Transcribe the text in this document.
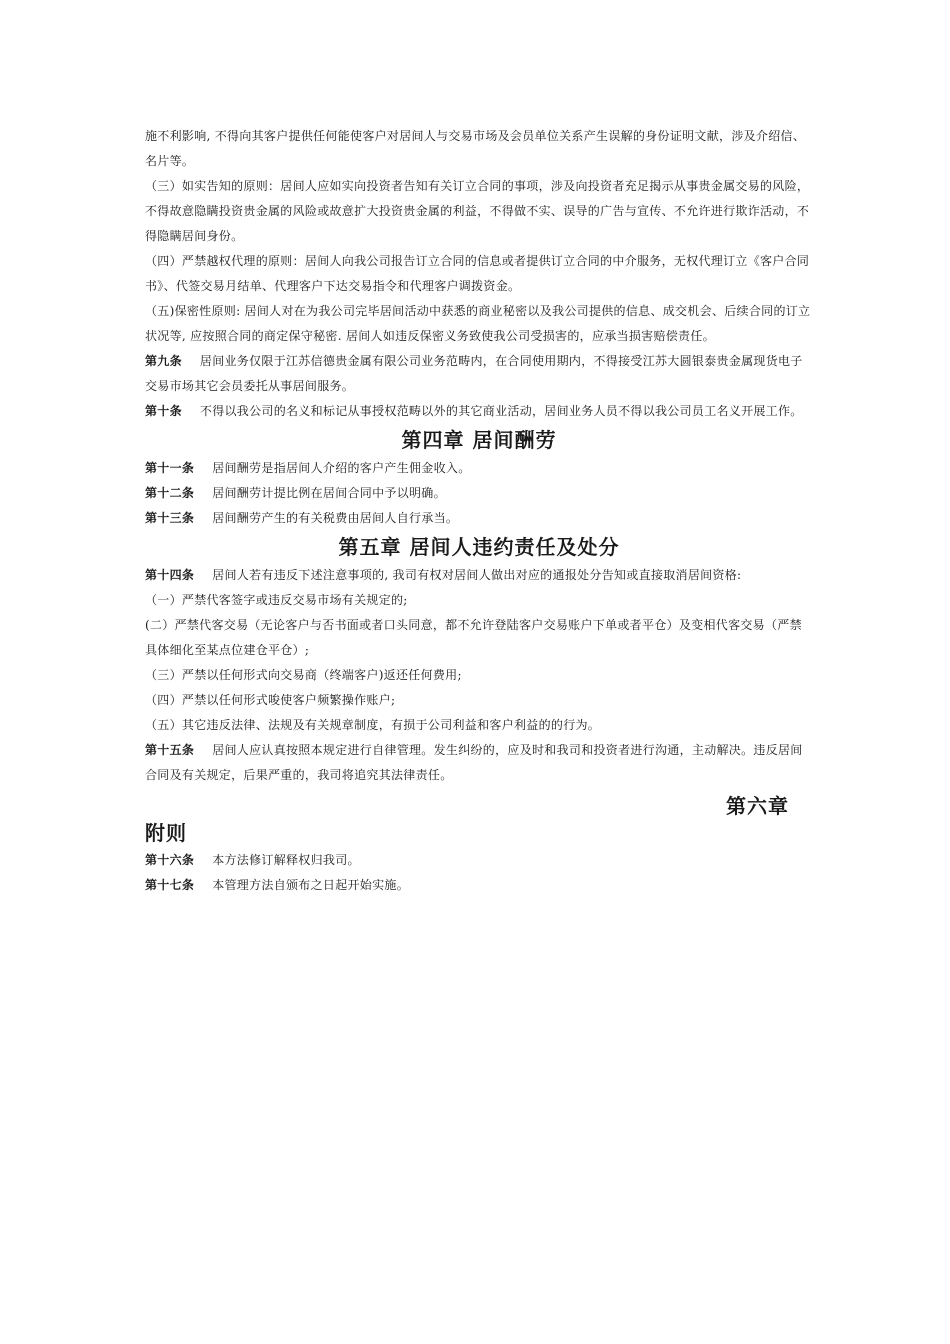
施不利影响, 不得向其客户提供任何能使客户对居间人与交易市场及会员单位关系产生误解的身份证明文献，涉及介绍信、名片等。

（三）如实告知的原则：居间人应如实向投资者告知有关订立合同的事项，涉及向投资者充足揭示从事贵金属交易的风险，不得故意隐瞒投资贵金属的风险或故意扩大投资贵金属的利益，不得做不实、误导的广告与宣传、不允许进行欺诈活动，不得隐瞒居间身份。

（四）严禁越权代理的原则：居间人向我公司报告订立合同的信息或者提供订立合同的中介服务，无权代理订立《客户合同书》、代签交易月结单、代理客户下达交易指令和代理客户调拨资金。

（五)保密性原则: 居间人对在为我公司完毕居间活动中获悉的商业秘密以及我公司提供的信息、成交机会、后续合同的订立状况等, 应按照合同的商定保守秘密. 居间人如违反保密义务致使我公司受损害的，应承当损害赔偿责任。

第九条 居间业务仅限于江苏信德贵金属有限公司业务范畴内，在合同使用期内，不得接受江苏大圆银泰贵金属现货电子交易市场其它会员委托从事居间服务。

第十条 不得以我公司的名义和标记从事授权范畴以外的其它商业活动，居间业务人员不得以我公司员工名义开展工作。

第四章 居间酬劳

第十一条 居间酬劳是指居间人介绍的客户产生佣金收入。

第十二条 居间酬劳计提比例在居间合同中予以明确。

第十三条 居间酬劳产生的有关税费由居间人自行承当。

第五章 居间人违约责任及处分

第十四条 居间人若有违反下述注意事项的, 我司有权对居间人做出对应的通报处分告知或直接取消居间资格:

（一）严禁代客签字或违反交易市场有关规定的;

(二）严禁代客交易（无论客户与否书面或者口头同意，都不允许登陆客户交易账户下单或者平仓）及变相代客交易（严禁具体细化至某点位建仓平仓）;

（三）严禁以任何形式向交易商（终端客户)返还任何费用;

（四）严禁以任何形式唆使客户频繁操作账户;

（五）其它违反法律、法规及有关规章制度，有损于公司利益和客户利益的的行为。

第十五条 居间人应认真按照本规定进行自律管理。发生纠纷的，应及时和我司和投资者进行沟通，主动解决。违反居间合同及有关规定，后果严重的，我司将追究其法律责任。

第六章
附则

第十六条 本方法修订解释权归我司。

第十七条 本管理方法自颁布之日起开始实施。
